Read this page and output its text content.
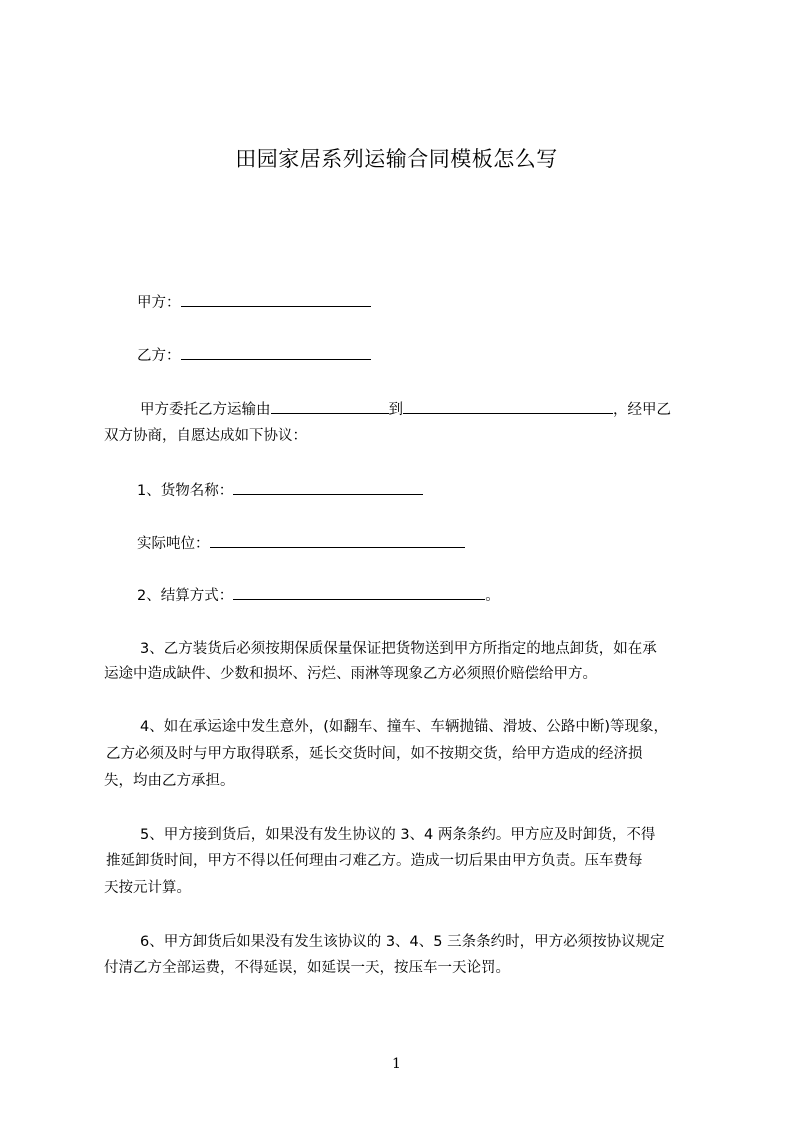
田园家居系列运输合同模板怎么写
甲方：
乙方：
甲方委托乙方运输由	到	，经甲乙
双方协商，自愿达成如下协议：
1、货物名称：
实际吨位：
2、结算方式：	。
3、乙方装货后必须按期保质保量保证把货物送到甲方所指定的地点卸货，如在承
运途中造成缺件、少数和损坏、污烂、雨淋等现象乙方必须照价赔偿给甲方。
4、如在承运途中发生意外，(如翻车、撞车、车辆抛锚、滑坡、公路中断)等现象，
乙方必须及时与甲方取得联系，延长交货时间，如不按期交货，给甲方造成的经济损
失，均由乙方承担。
5、甲方接到货后，如果没有发生协议的 3、4 两条条约。甲方应及时卸货，不得
推延卸货时间，甲方不得以任何理由刁难乙方。造成一切后果由甲方负责。压车费每
天按元计算。
6、甲方卸货后如果没有发生该协议的 3、4、5 三条条约时，甲方必须按协议规定
付清乙方全部运费，不得延误，如延误一天，按压车一天论罚。
1
